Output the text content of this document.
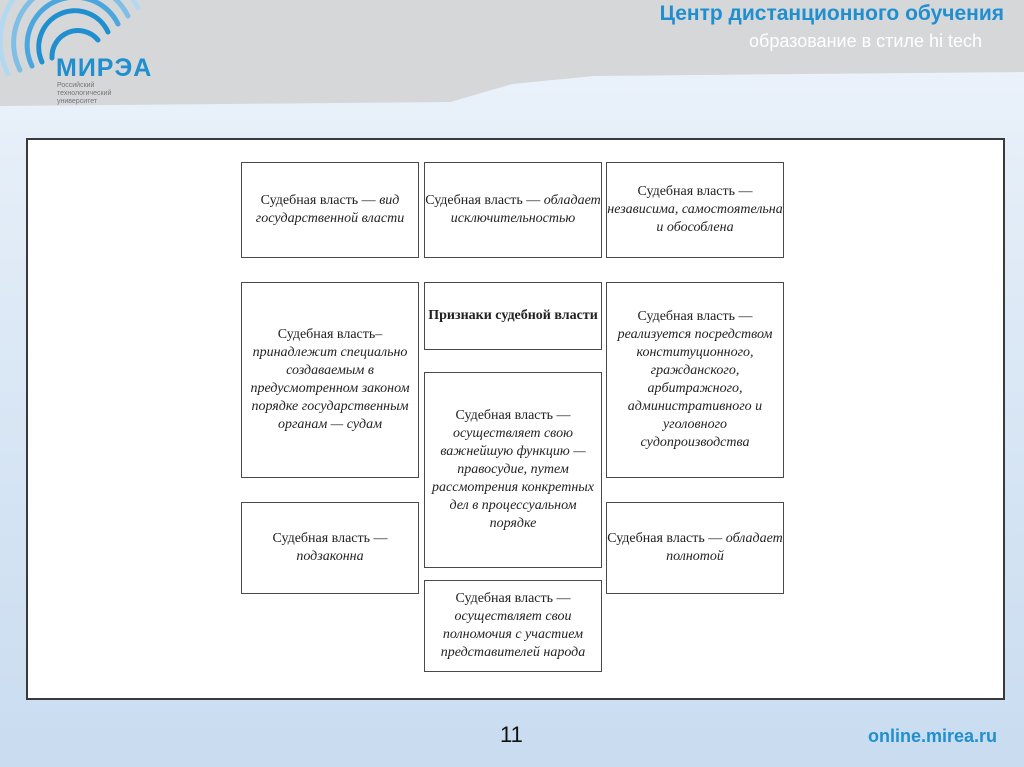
МИРЭА
Российский технологический университет
Центр дистанционного обучения
образование в стиле hi tech
Судебная власть — вид государственной власти
Судебная власть — обладает исключительностью
Судебная власть — независима, самостоятельна и обособлена
Судебная власть– принадлежит специально создаваемым в предусмотренном законом порядке государственным органам — судам
Признаки судебной власти	Судебная власть — реализуется посредством конституционного, гражданского, арбитражного, административного и уголовного судопроизводства
Судебная власть — осуществляет свою важнейшую функцию — правосудие, путем рассмотрения конкретных дел в процессуальном порядке
Судебная власть — подзаконна
Судебная власть — обладает полнотой
Судебная власть — осуществляет свои полномочия с участием представителей народа
11	online.mirea.ru
